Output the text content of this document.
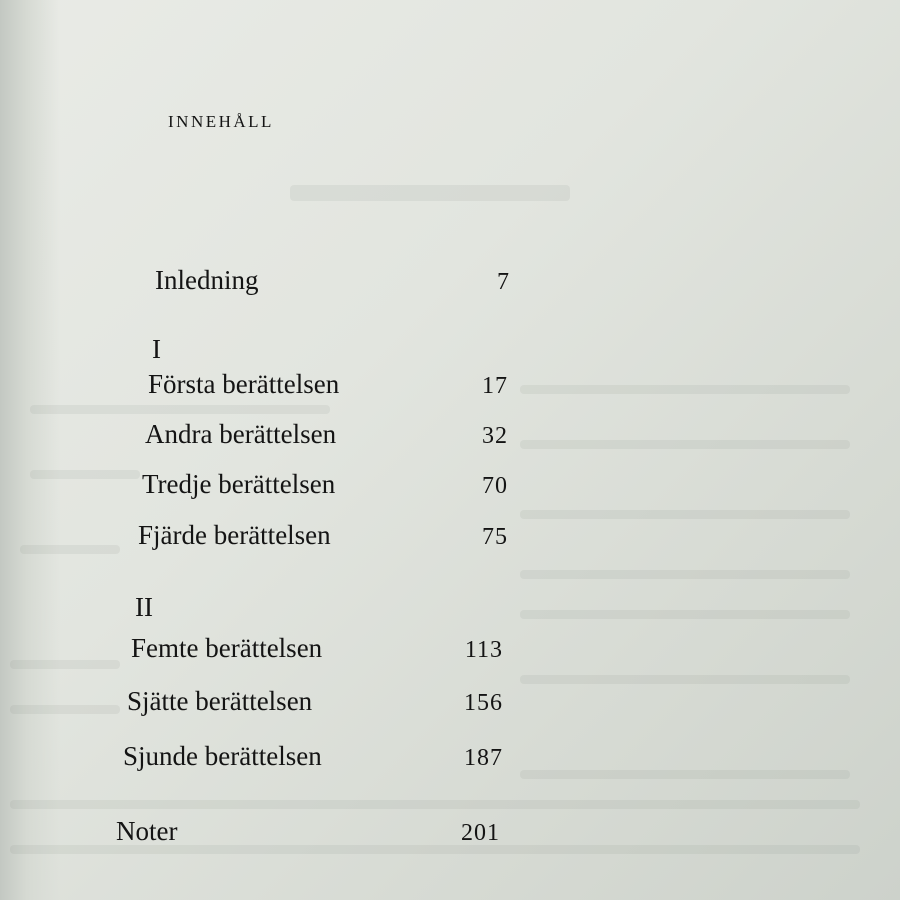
INNEHÅLL
Inledning	7
I
Första berättelsen	17
Andra berättelsen	32
Tredje berättelsen	70
Fjärde berättelsen	75
II
Femte berättelsen	113
Sjätte berättelsen	156
Sjunde berättelsen	187
Noter	201
